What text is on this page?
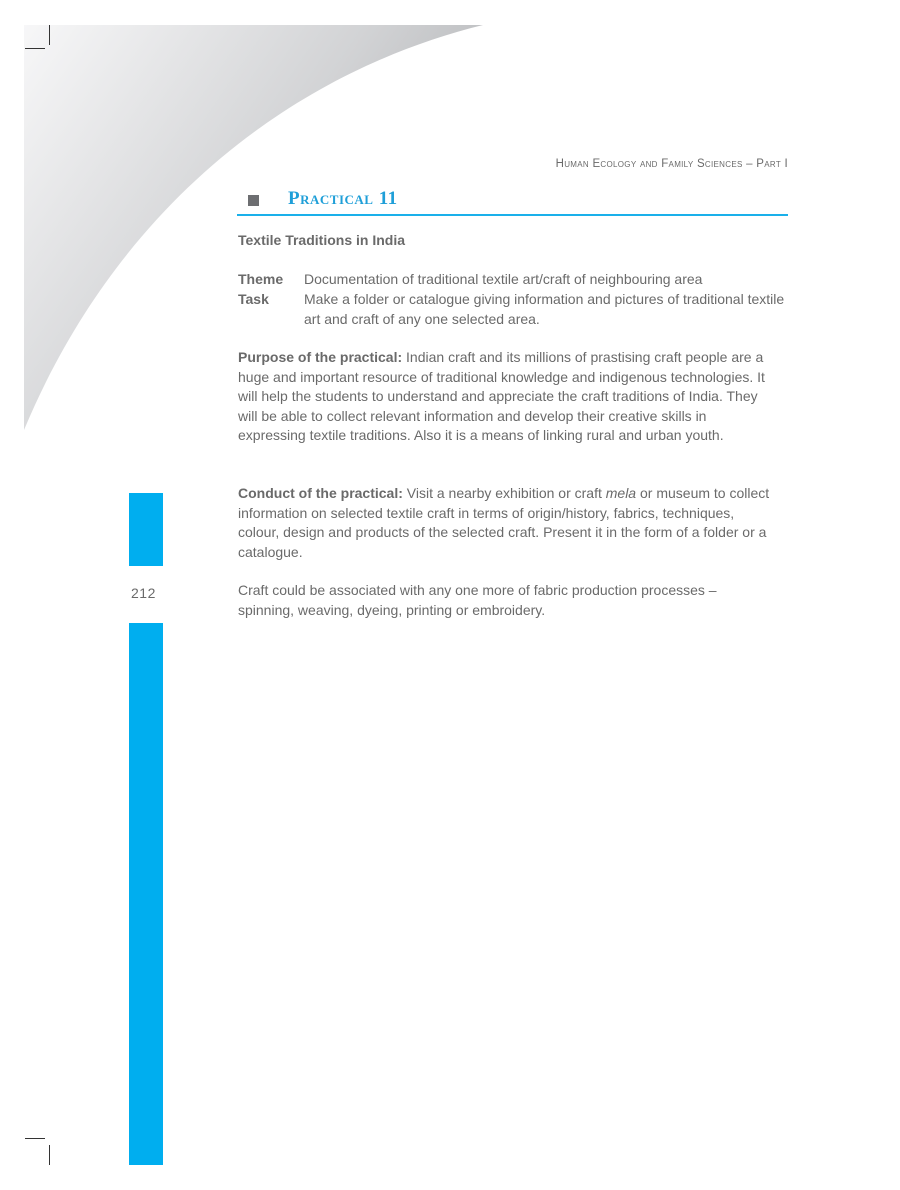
Human Ecology and Family Sciences – Part I
Practical 11
Textile Traditions in India
Theme Documentation of traditional textile art/craft of neighbouring area
Task	Make a folder or catalogue giving information and pictures of traditional textile art and craft of any one selected area.
Purpose of the practical: Indian craft and its millions of prastising craft people are a huge and important resource of traditional knowledge and indigenous technologies. It will help the students to understand and appreciate the craft traditions of India. They will be able to collect relevant information and develop their creative skills in expressing textile traditions. Also it is a means of linking rural and urban youth.
Conduct of the practical: Visit a nearby exhibition or craft mela or museum to collect information on selected textile craft in terms of origin/history, fabrics, techniques, colour, design and products of the selected craft. Present it in the form of a folder or a catalogue.
Craft could be associated with any one more of fabric production processes – spinning, weaving, dyeing, printing or embroidery.
212
